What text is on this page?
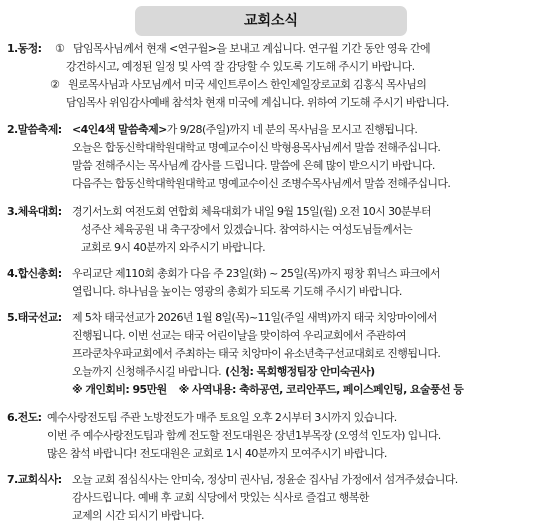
교회소식
1.동정:	① 담임목사님께서 현재 <연구월>을 보내고 계십니다. 연구월 기간 동안 영육 간에
강건하시고, 예정된 일정 및 사역 잘 감당할 수 있도록 기도해 주시기 바랍니다.
② 원로목사님과 사모님께서 미국 세인트루이스 한인제일장로교회 김홍식 목사님의
담임목사 위임감사예배 참석차 현재 미국에 계십니다. 위하여 기도해 주시기 바랍니다.
2.말씀축제: <4인4색 말씀축제> 가 9/28(주일)까지 네 분의 목사님을 모시고 진행됩니다.
오늘은 합동신학대학원대학교 명예교수이신 박형용목사님께서 말씀 전해주십니다.
말씀 전해주시는 목사님께 감사를 드립니다. 말씀에 은혜 많이 받으시기 바랍니다.
다음주는 합동신학대학원대학교 명예교수이신 조병수목사님께서 말씀 전해주십니다.
3.체육대회: 경기서노회 여전도회 연합회 체육대회가 내일 9월 15일(월) 오전 10시 30분부터
성주산 체육공원 내 축구장에서 있겠습니다. 참여하시는 여성도님들께서는
교회로 9시 40분까지 와주시기 바랍니다.
4.합신총회: 우리교단 제110회 총회가 다음 주 23일(화) ~ 25일(목)까지 평창 휘닉스 파크에서
열립니다. 하나님을 높이는 영광의 총회가 되도록 기도해 주시기 바랍니다.
5.태국선교: 제 5차 태국선교가 2026년 1월 8일(목)~11일(주일 새벽)까지 태국 치앙마이에서
진행됩니다. 이번 선교는 태국 어린이날을 맞이하여 우리교회에서 주관하여
프라쿤차우파교회에서 주최하는 태국 치앙마이 유소년축구선교대회로 진행됩니다.
오늘까지 신청해주시길 바랍니다. (신청: 목회행정팀장 안미숙권사)
※ 개인회비: 95만원 ※ 사역내용: 축하공연, 코리안푸드, 페이스페인팅, 요술풍선 등
6.전도: 예수사랑전도팀 주관 노방전도가 매주 토요일 오후 2시부터 3시까지 있습니다.
이번 주 예수사랑전도팀과 함께 전도할 전도대원은 장년1부목장 (오영석 인도자) 입니다.
많은 참석 바랍니다! 전도대원은 교회로 1시 40분까지 모여주시기 바랍니다.
7.교회식사: 오늘 교회 점심식사는 안미숙, 정상미 권사님, 정윤순 집사님 가정에서 섬겨주셨습니다.
감사드립니다. 예배 후 교회 식당에서 맛있는 식사로 즐겁고 행복한
교제의 시간 되시기 바랍니다.
